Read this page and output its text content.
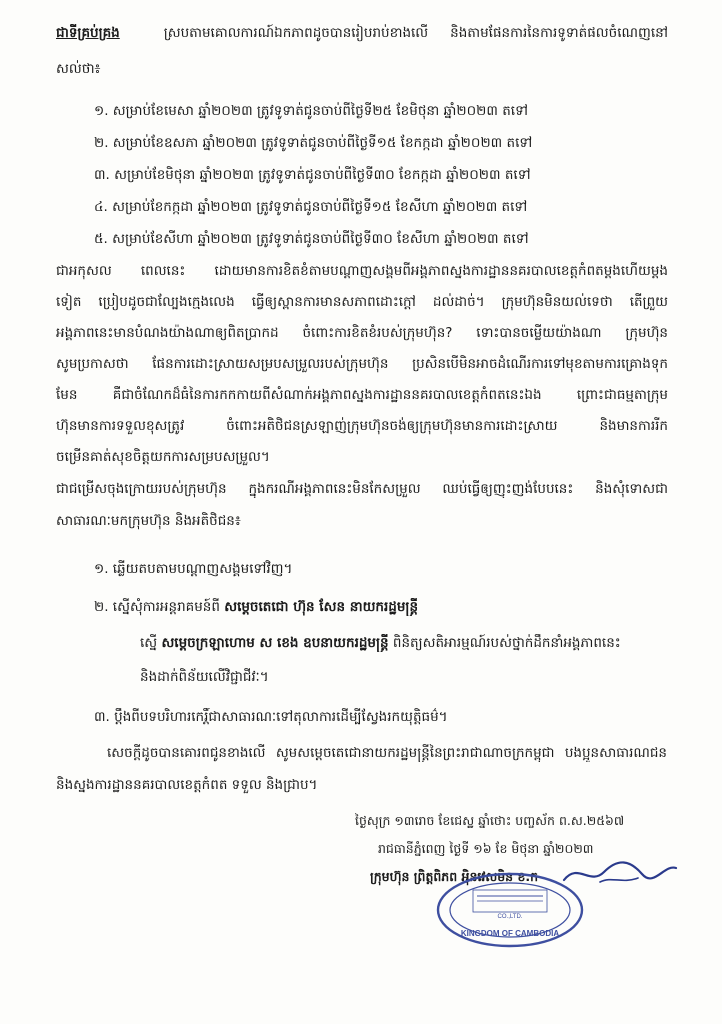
ជាទីគ្រប់គ្រង	ស្របតាមគោលការណ៍ឯកភាពដូចបានរៀបរាប់ខាងលើ និងតាមផែនការនៃការទូទាត់ផលចំណេញនៅ
សល់ថា៖
១. សម្រាប់ខែមេសា ឆ្នាំ២០២៣ ត្រូវទូទាត់ជូនចាប់ពីថ្ងៃទី២៥ ខែមិថុនា ឆ្នាំ២០២៣ តទៅ
២. សម្រាប់ខែឧសភា ឆ្នាំ២០២៣ ត្រូវទូទាត់ជូនចាប់ពីថ្ងៃទី១៥ ខែកក្កដា ឆ្នាំ២០២៣ តទៅ
៣. សម្រាប់ខែមិថុនា ឆ្នាំ២០២៣ ត្រូវទូទាត់ជូនចាប់ពីថ្ងៃទី៣០ ខែកក្កដា ឆ្នាំ២០២៣ តទៅ
៤. សម្រាប់ខែកក្កដា ឆ្នាំ២០២៣ ត្រូវទូទាត់ជូនចាប់ពីថ្ងៃទី១៥ ខែសីហា ឆ្នាំ២០២៣ តទៅ
៥. សម្រាប់ខែសីហា ឆ្នាំ២០២៣ ត្រូវទូទាត់ជូនចាប់ពីថ្ងៃទី៣០ ខែសីហា ឆ្នាំ២០២៣ តទៅ
ជាអកុសល ពេលនេះ ដោយមានការខិតខំតាមបណ្ដាញសង្គមពីអង្គភាពស្នងការដ្ឋាននគរបាលខេត្តកំពតម្ដងហើយម្ដង
ទៀត ប្រៀបដូចជាល្បែងក្មេងលេង ធ្វើឲ្យស្ពានការមានសភាពដោះក្ដៅ ដល់ដាច់។ ក្រុមហ៊ុនមិនយល់ទេថា តើព្រួយ
អង្គភាពនេះមានបំណងយ៉ាងណាឲ្យពិតប្រាកដ ចំពោះការខិតខំរបស់ក្រុមហ៊ុន? ទោះបានចម្លើយយ៉ាងណា ក្រុមហ៊ុន
សូមប្រកាសថា ផែនការដោះស្រាយសម្របសម្រួលរបស់ក្រុមហ៊ុន ប្រសិនបើមិនអាចដំណើរការទៅមុខតាមការគ្រោងទុក
មែន គឺជាចំណែកដ៏ធំនៃការកកកាយពីសំណាក់អង្គភាពស្នងការដ្ឋាននគរបាលខេត្តកំពតនេះឯង ព្រោះជាធម្មតាក្រុម
ហ៊ុនមានការទទួលខុសត្រូវ ចំពោះអតិថិជនស្រឡាញ់ក្រុមហ៊ុនចង់ឲ្យក្រុមហ៊ុនមានការដោះស្រាយ និងមានការរីក
ចម្រើនគាត់សុខចិត្តយកការសម្របសម្រួល។
ជាជម្រើសចុងក្រោយរបស់ក្រុមហ៊ុន ក្នុងករណីអង្គភាពនេះមិនកែសម្រួល ឈប់ធ្វើឲ្យញុះញង់បែបនេះ និងសុំទោសជា
សាធារណៈមកក្រុមហ៊ុន និងអតិថិជន៖
១. ឆ្លើយតបតាមបណ្ដាញសង្គមទៅវិញ។
២. ស្នើសុំការអន្តរាគមន៍ពី សម្ដេចតេជោ ហ៊ុន សែន នាយករដ្ឋមន្ត្រី
ស្នើ សម្ដេចក្រឡាហោម ស ខេង ឧបនាយករដ្ឋមន្ត្រី ពិនិត្យសតិអារម្មណ៍របស់ថ្នាក់ដឹកនាំអង្គភាពនេះ
និងដាក់ពិន័យលើវិជ្ជាជីវៈ។
៣. ប្ដឹងពីបទបរិហារកេរ្តិ៍ជាសាធារណៈទៅតុលាការដើម្បីស្វែងរកយុត្តិធម៌។
សេចក្ដីដូចបានគោរពជូនខាងលើ សូមសម្ដេចតេជោនាយករដ្ឋមន្ត្រីនៃព្រះរាជាណាចក្រកម្ពុជា បងប្អូនសាធារណជន
និងស្នងការដ្ឋាននគរបាលខេត្តកំពត ទទួល និងជ្រាប។
ថ្ងៃសុក្រ ១៣រោច ខែជេស្ឋ ឆ្នាំថោះ បញ្ចស័ក ព.ស.២៥៦៧
រាជធានីភ្នំពេញ ថ្ងៃទី ១៦ ខែ មិថុនា ឆ្នាំ២០២៣
ក្រុមហ៊ុន ព្រិត្តពិភព អុិនវេសមិន ខ.ក
CO.,LTD.
KINGDOM OF CAMBODIA
